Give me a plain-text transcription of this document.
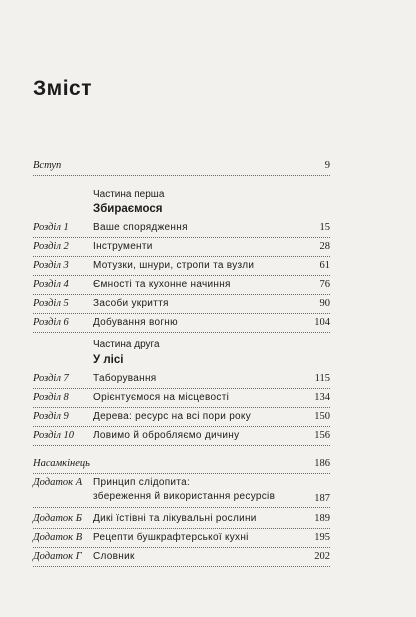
Зміст
Вступ	9
Частина перша
Збираємося
Розділ 1 Ваше спорядження	15
Розділ 2 Інструменти	28
Розділ 3 Мотузки, шнури, стропи та вузли	61
Розділ 4 Ємності та кухонне начиння	76
Розділ 5 Засоби укриття	90
Розділ 6 Добування вогню	104
Частина друга
У лісі
Розділ 7 Таборування	115
Розділ 8 Орієнтуємося на місцевості	134
Розділ 9 Дерева: ресурс на всі пори року	150
Розділ 10 Ловимо й обробляємо дичину	156
Насамкінець	186
Додаток А Принцип слідопита:
збереження й використання ресурсів	187
Додаток Б Дикі їстівні та лікувальні рослини	189
Додаток В Рецепти бушкрафтерської кухні	195
Додаток Г Словник	202
